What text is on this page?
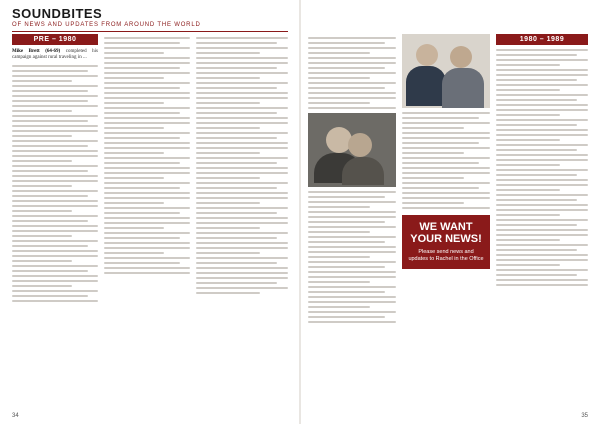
SOUNDBITES
OF NEWS AND UPDATES FROM AROUND THE WORLD
PRE – 1980
Mike Brett (64-69) completed his campaign against rural traveling in ...
34
WE WANT YOUR NEWS!
Please send news and updates to Rachel in the Office
1980 – 1989
35
